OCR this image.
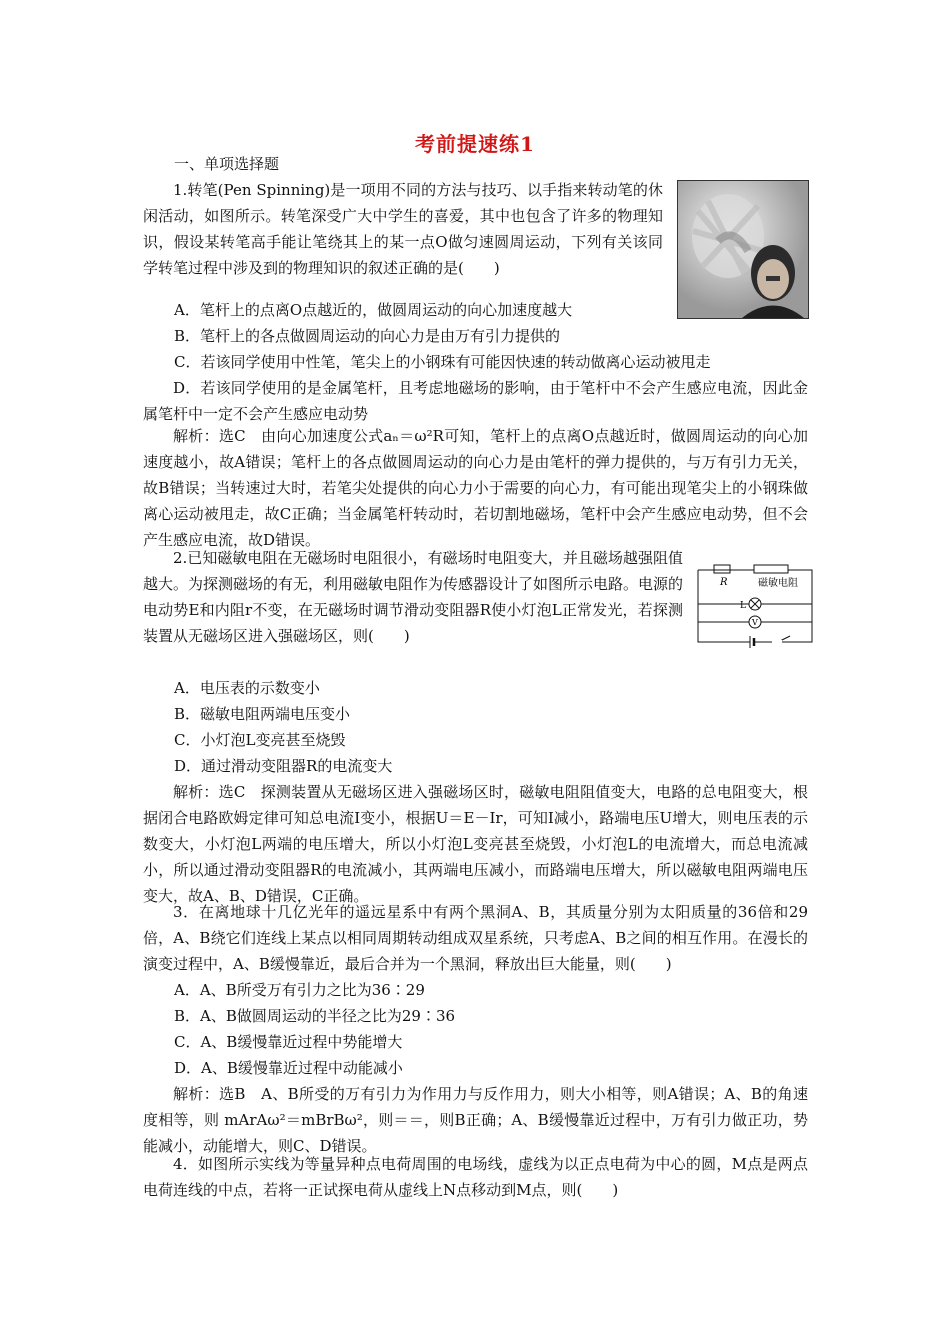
考前提速练1

一、单项选择题

1.转笔(Pen Spinning)是一项用不同的方法与技巧、以手指来转动笔的休闲活动，如图所示。转笔深受广大中学生的喜爱，其中也包含了许多的物理知识，假设某转笔高手能让笔绕其上的某一点O做匀速圆周运动，下列有关该同学转笔过程中涉及到的物理知识的叙述正确的是(　　)

A．笔杆上的点离O点越近的，做圆周运动的向心加速度越大

B．笔杆上的各点做圆周运动的向心力是由万有引力提供的

C．若该同学使用中性笔，笔尖上的小钢珠有可能因快速的转动做离心运动被甩走

D．若该同学使用的是金属笔杆，且考虑地磁场的影响，由于笔杆中不会产生感应电流，因此金属笔杆中一定不会产生感应电动势

解析：选C　由向心加速度公式aₙ＝ω²R可知，笔杆上的点离O点越近时，做圆周运动的向心加速度越小，故A错误；笔杆上的各点做圆周运动的向心力是由笔杆的弹力提供的，与万有引力无关，故B错误；当转速过大时，若笔尖处提供的向心力小于需要的向心力，有可能出现笔尖上的小钢珠做离心运动被甩走，故C正确；当金属笔杆转动时，若切割地磁场，笔杆中会产生感应电动势，但不会产生感应电流，故D错误。

2.已知磁敏电阻在无磁场时电阻很小，有磁场时电阻变大，并且磁场越强阻值越大。为探测磁场的有无，利用磁敏电阻作为传感器设计了如图所示电路。电源的电动势E和内阻r不变，在无磁场时调节滑动变阻器R使小灯泡L正常发光，若探测装置从无磁场区进入强磁场区，则(　　)

R	磁敏电阻
L
V

A．电压表的示数变小

B．磁敏电阻两端电压变小

C．小灯泡L变亮甚至烧毁

D．通过滑动变阻器R的电流变大

解析：选C　探测装置从无磁场区进入强磁场区时，磁敏电阻阻值变大，电路的总电阻变大，根据闭合电路欧姆定律可知总电流I变小，根据U＝E－Ir，可知I减小，路端电压U增大，则电压表的示数变大，小灯泡L两端的电压增大，所以小灯泡L变亮甚至烧毁，小灯泡L的电流增大，而总电流减小，所以通过滑动变阻器R的电流减小，其两端电压减小，而路端电压增大，所以磁敏电阻两端电压变大，故A、B、D错误，C正确。

3．在离地球十几亿光年的遥远星系中有两个黑洞A、B，其质量分别为太阳质量的36倍和29倍，A、B绕它们连线上某点以相同周期转动组成双星系统，只考虑A、B之间的相互作用。在漫长的演变过程中，A、B缓慢靠近，最后合并为一个黑洞，释放出巨大能量，则(　　)

A．A、B所受万有引力之比为36∶29

B．A、B做圆周运动的半径之比为29∶36

C．A、B缓慢靠近过程中势能增大

D．A、B缓慢靠近过程中动能减小

解析：选B　A、B所受的万有引力为作用力与反作用力，则大小相等，则A错误；A、B的角速度相等，则 mArAω²＝mBrBω²，则＝＝，则B正确；A、B缓慢靠近过程中，万有引力做正功，势能减小，动能增大，则C、D错误。

4．如图所示实线为等量异种点电荷周围的电场线，虚线为以正点电荷为中心的圆，M点是两点电荷连线的中点，若将一正试探电荷从虚线上N点移动到M点，则(　　)
